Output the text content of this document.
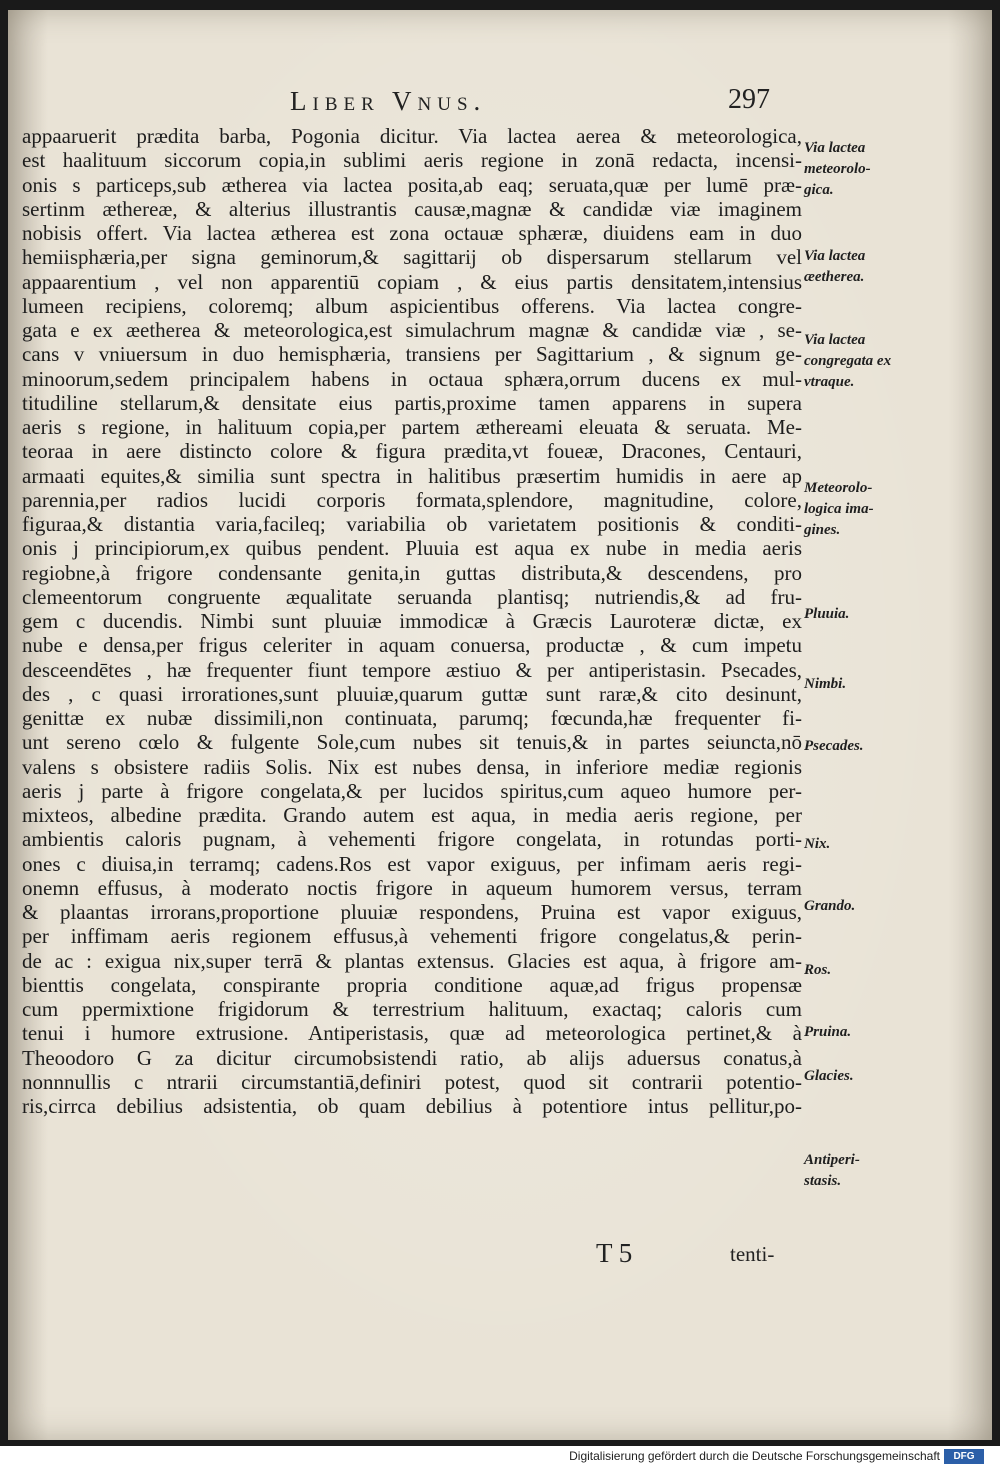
Liber Vnus.	297
appaaruerit prædita barba, Pogonia dicitur. Via lactea aerea & meteorologica,
est haalituum siccorum copia,in sublimi aeris regione in zonā redacta, incensi-
onis s particeps,sub ætherea via lactea posita,ab eaq; seruata,quæ per lumē præ-
sertinm æthereæ, & alterius illustrantis causæ,magnæ & candidæ viæ imaginem
nobisis offert. Via lactea ætherea est zona octauæ sphæræ, diuidens eam in duo
hemiisphæria,per signa geminorum,& sagittarij ob dispersarum stellarum vel
appaarentium , vel non apparentiū copiam , & eius partis densitatem,intensius
lumeen recipiens, coloremq; album aspicientibus offerens. Via lactea congre-
gata e ex æetherea & meteorologica,est simulachrum magnæ & candidæ viæ , se-
cans v vniuersum in duo hemisphæria, transiens per Sagittarium , & signum ge-
minoorum,sedem principalem habens in octaua sphæra,orrum ducens ex mul-
titudiline stellarum,& densitate eius partis,proxime tamen apparens in supera
aeris s regione, in halituum copia,per partem æthereami eleuata & seruata. Me-
teoraa in aere distincto colore & figura prædita,vt foueæ, Dracones, Centauri,
armaati equites,& similia sunt spectra in halitibus præsertim humidis in aere ap
parennia,per radios lucidi corporis formata,splendore, magnitudine, colore,
figuraa,& distantia varia,facileq; variabilia ob varietatem positionis & conditi-
onis j principiorum,ex quibus pendent. Pluuia est aqua ex nube in media aeris
regiobne,à frigore condensante genita,in guttas distributa,& descendens, pro
clemeentorum congruente æqualitate seruanda plantisq; nutriendis,& ad fru-
gem c ducendis. Nimbi sunt pluuiæ immodicæ à Græcis Lauroteræ dictæ, ex
nube e densa,per frigus celeriter in aquam conuersa, productæ , & cum impetu
desceendētes , hæ frequenter fiunt tempore æstiuo & per antiperistasin. Psecades,
des , c quasi irrorationes,sunt pluuiæ,quarum guttæ sunt raræ,& cito desinunt,
genittæ ex nubæ dissimili,non continuata, parumq; fœcunda,hæ frequenter fi-
unt sereno cœlo & fulgente Sole,cum nubes sit tenuis,& in partes seiuncta,nō
valens s obsistere radiis Solis. Nix est nubes densa, in inferiore mediæ regionis
aeris j parte à frigore congelata,& per lucidos spiritus,cum aqueo humore per-
mixteos, albedine prædita. Grando autem est aqua, in media aeris regione, per
ambientis caloris pugnam, à vehementi frigore congelata, in rotundas porti-
ones c diuisa,in terramq; cadens.Ros est vapor exiguus, per infimam aeris regi-
onemn effusus, à moderato noctis frigore in aqueum humorem versus, terram
& plaantas irrorans,proportione pluuiæ respondens, Pruina est vapor exiguus,
per inffimam aeris regionem effusus,à vehementi frigore congelatus,& perin-
de ac : exigua nix,super terrā & plantas extensus. Glacies est aqua, à frigore am-
bienttis congelata, conspirante propria conditione aquæ,ad frigus propensæ
cum ppermixtione frigidorum & terrestrium halituum, exactaq; caloris cum
tenui i humore extrusione. Antiperistasis, quæ ad meteorologica pertinet,& à
Theoodoro G za dicitur circumobsistendi ratio, ab alijs aduersus conatus,à
nonnnullis c ntrarii circumstantiā,definiri potest, quod sit contrarii potentio-
ris,cirrca debilius adsistentia, ob quam debilius à potentiore intus pellitur,po-
T 5	tenti-
Via lactea meteorolo-gica.
Via lactea æetherea.
Via lactea congregata ex vtraque.
Meteorolo-logica ima-gines.
Pluuia.
Nimbi.
Psecades.
Nix.
Grando.
Ros.
Pruina.
Glacies.
Antiperi-stasis.
Digitalisierung gefördert durch die Deutsche Forschungsgemeinschaft	DFG
